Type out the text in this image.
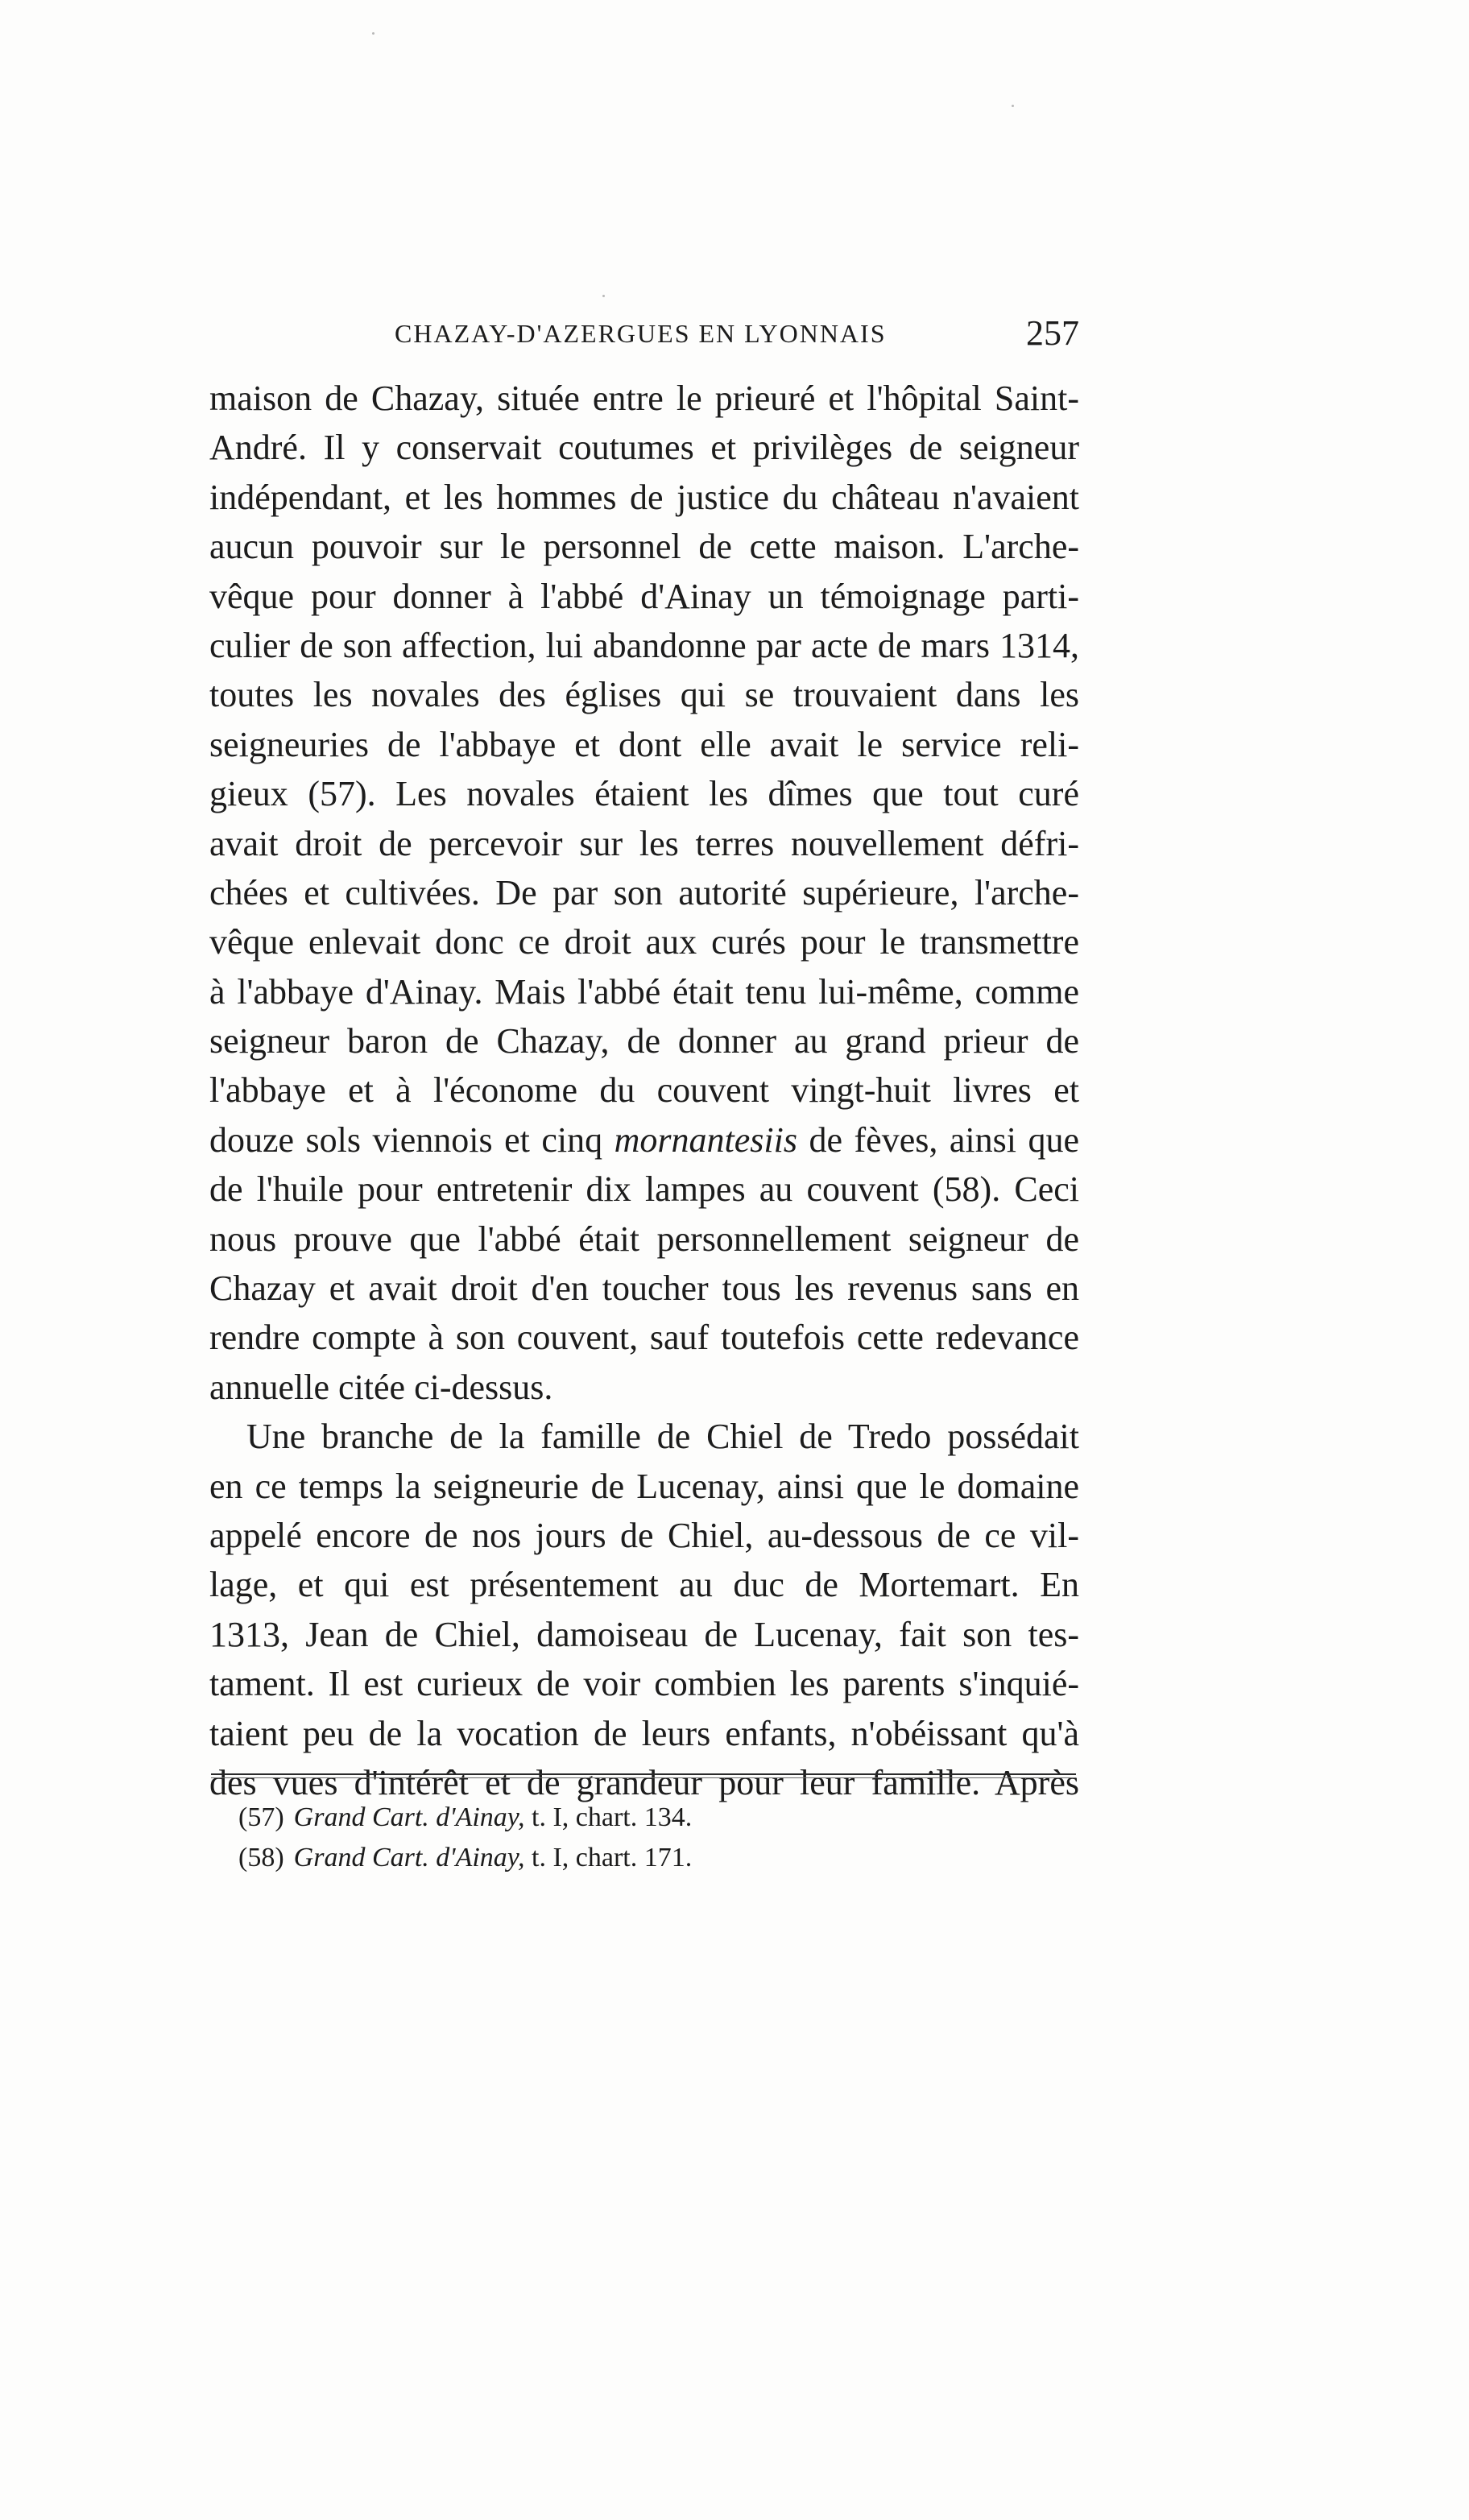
CHAZAY-D'AZERGUES EN LYONNAIS	257
maison de Chazay, située entre le prieuré et l'hôpital Saint-
André. Il y conservait coutumes et privilèges de seigneur
indépendant, et les hommes de justice du château n'avaient
aucun pouvoir sur le personnel de cette maison. L'arche-
vêque pour donner à l'abbé d'Ainay un témoignage parti-
culier de son affection, lui abandonne par acte de mars 1314,
toutes les novales des églises qui se trouvaient dans les
seigneuries de l'abbaye et dont elle avait le service reli-
gieux (57). Les novales étaient les dîmes que tout curé
avait droit de percevoir sur les terres nouvellement défri-
chées et cultivées. De par son autorité supérieure, l'arche-
vêque enlevait donc ce droit aux curés pour le transmettre
à l'abbaye d'Ainay. Mais l'abbé était tenu lui-même, comme
seigneur baron de Chazay, de donner au grand prieur de
l'abbaye et à l'économe du couvent vingt-huit livres et
douze sols viennois et cinq mornantesiis de fèves, ainsi que
de l'huile pour entretenir dix lampes au couvent (58). Ceci
nous prouve que l'abbé était personnellement seigneur de
Chazay et avait droit d'en toucher tous les revenus sans en
rendre compte à son couvent, sauf toutefois cette redevance
annuelle citée ci-dessus.
Une branche de la famille de Chiel de Tredo possédait
en ce temps la seigneurie de Lucenay, ainsi que le domaine
appelé encore de nos jours de Chiel, au-dessous de ce vil-
lage, et qui est présentement au duc de Mortemart. En
1313, Jean de Chiel, damoiseau de Lucenay, fait son tes-
tament. Il est curieux de voir combien les parents s'inquié-
taient peu de la vocation de leurs enfants, n'obéissant qu'à
des vues d'intérêt et de grandeur pour leur famille. Après
(57) Grand Cart. d'Ainay, t. I, chart. 134.
(58) Grand Cart. d'Ainay, t. I, chart. 171.
